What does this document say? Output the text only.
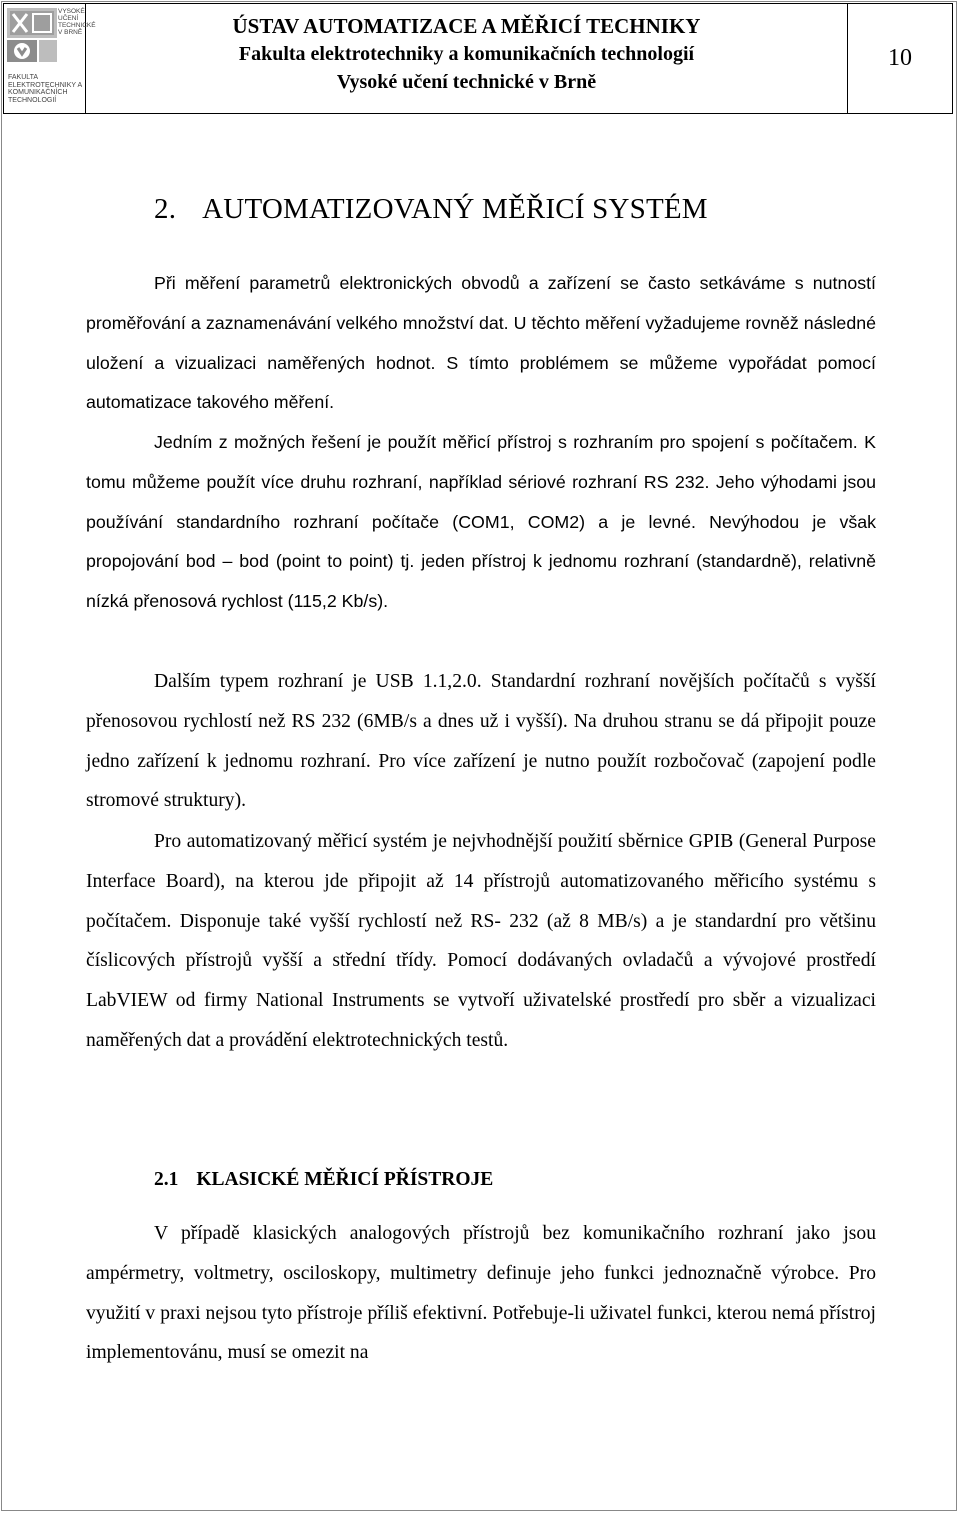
VYSOKÉ UČENÍ TECHNICKÉ V BRNĚ
FAKULTA ELEKTROTECHNIKY A KOMUNIKAČNÍCH TECHNOLOGIÍ
ÚSTAV AUTOMATIZACE A MĚŘICÍ TECHNIKY
Fakulta elektrotechniky a komunikačních technologií
Vysoké učení technické v Brně
10
2. AUTOMATIZOVANÝ MĚŘICÍ SYSTÉM

Při měření parametrů elektronických obvodů a zařízení se často setkáváme s nutností proměřování a zaznamenávání velkého množství dat. U těchto měření vyžadujeme rovněž následné uložení a vizualizaci naměřených hodnot. S tímto problémem se můžeme vypořádat pomocí automatizace takového měření.

Jedním z možných řešení je použít měřicí přístroj s rozhraním pro spojení s počítačem. K tomu můžeme použít více druhu rozhraní, například sériové rozhraní RS 232. Jeho výhodami jsou používání standardního rozhraní počítače (COM1, COM2) a je levné. Nevýhodou je však propojování bod – bod (point to point) tj. jeden přístroj k jednomu rozhraní (standardně), relativně nízká přenosová rychlost (115,2 Kb/s).

Dalším typem rozhraní je USB 1.1,2.0. Standardní rozhraní novějších počítačů s vyšší přenosovou rychlostí než RS 232 (6MB/s a dnes už i vyšší). Na druhou stranu se dá připojit pouze jedno zařízení k jednomu rozhraní. Pro více zařízení je nutno použít rozbočovač (zapojení podle stromové struktury).

Pro automatizovaný měřicí systém je nejvhodnější použití sběrnice GPIB (General Purpose Interface Board), na kterou jde připojit až 14 přístrojů automatizovaného měřicího systému s počítačem. Disponuje také vyšší rychlostí než RS- 232 (až 8 MB/s) a je standardní pro většinu číslicových přístrojů vyšší a střední třídy. Pomocí dodávaných ovladačů a vývojové prostředí LabVIEW od firmy National Instruments se vytvoří uživatelské prostředí pro sběr a vizualizaci naměřených dat a provádění elektrotechnických testů.

2.1 KLASICKÉ MĚŘICÍ PŘÍSTROJE

V případě klasických analogových přístrojů bez komunikačního rozhraní jako jsou ampérmetry, voltmetry, osciloskopy, multimetry definuje jeho funkci jednoznačně výrobce. Pro využití v praxi nejsou tyto přístroje příliš efektivní. Potřebuje-li uživatel funkci, kterou nemá přístroj implementovánu, musí se omezit na
